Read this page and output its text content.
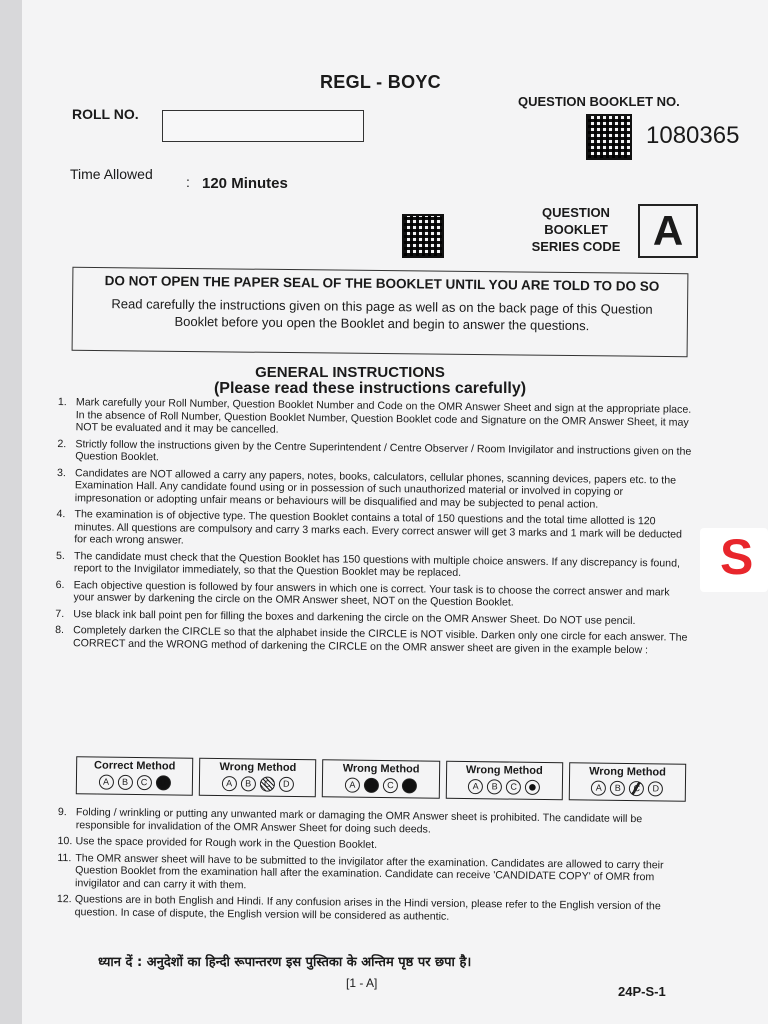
REGL - BOYC
ROLL NO.
QUESTION BOOKLET NO.
1080365
Time Allowed : 120 Minutes
QUESTION BOOKLET SERIES CODE A
DO NOT OPEN THE PAPER SEAL OF THE BOOKLET UNTIL YOU ARE TOLD TO DO SO
Read carefully the instructions given on this page as well as on the back page of this Question Booklet before you open the Booklet and begin to answer the questions.
GENERAL INSTRUCTIONS
(Please read these instructions carefully)
1. Mark carefully your Roll Number, Question Booklet Number and Code on the OMR Answer Sheet and sign at the appropriate place. In the absence of Roll Number, Question Booklet Number, Question Booklet code and Signature on the OMR Answer Sheet, it may NOT be evaluated and it may be cancelled.
2. Strictly follow the instructions given by the Centre Superintendent / Centre Observer / Room Invigilator and instructions given on the Question Booklet.
3. Candidates are NOT allowed a carry any papers, notes, books, calculators, cellular phones, scanning devices, papers etc. to the Examination Hall. Any candidate found using or in possession of such unauthorized material or involved in copying or impresonation or adopting unfair means or behaviours will be disqualified and may be subjected to penal action.
4. The examination is of objective type. The question Booklet contains a total of 150 questions and the total time allotted is 120 minutes. All questions are compulsory and carry 3 marks each. Every correct answer will get 3 marks and 1 mark will be deducted for each wrong answer.
5. The candidate must check that the Question Booklet has 150 questions with multiple choice answers. If any discrepancy is found, report to the Invigilator immediately, so that the Question Booklet may be replaced.
6. Each objective question is followed by four answers in which one is correct. Your task is to choose the correct answer and mark your answer by darkening the circle on the OMR Answer sheet, NOT on the Question Booklet.
7. Use black ink ball point pen for filling the boxes and darkening the circle on the OMR Answer Sheet. Do NOT use pencil.
8. Completely darken the CIRCLE so that the alphabet inside the CIRCLE is NOT visible. Darken only one circle for each answer. The CORRECT and the WRONG method of darkening the CIRCLE on the OMR answer sheet are given in the example below :
Correct Method
A	B	C	D
Wrong Method
A	B	C	D
Wrong Method
A	B	C	D
Wrong Method
A	B	C
Wrong Method
A	B	C	D
9. Folding / wrinkling or putting any unwanted mark or damaging the OMR Answer sheet is prohibited. The candidate will be responsible for invalidation of the OMR Answer Sheet for doing such deeds.
10. Use the space provided for Rough work in the Question Booklet.
11. The OMR answer sheet will have to be submitted to the invigilator after the examination. Candidates are allowed to carry their Question Booklet from the examination hall after the examination. Candidate can receive 'CANDIDATE COPY' of OMR from invigilator and can carry it with them.
12. Questions are in both English and Hindi. If any confusion arises in the Hindi version, please refer to the English version of the question. In case of dispute, the English version will be considered as authentic.
ध्यान दें : अनुदेशों का हिन्दी रूपान्तरण इस पुस्तिका के अन्तिम पृष्ठ पर छपा है।
[1 - A]
24P-S-1
S
